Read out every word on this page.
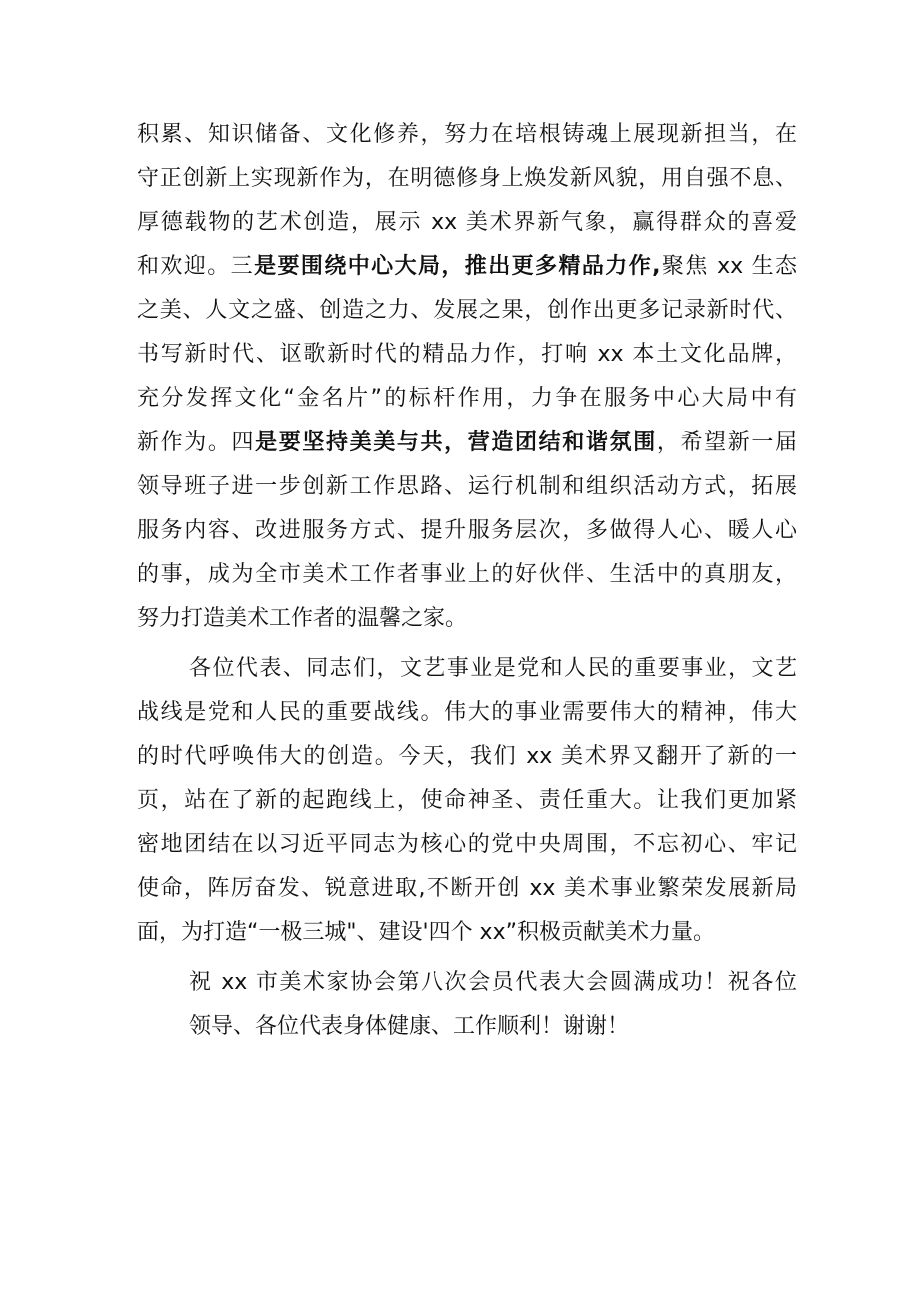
积累、知识储备、文化修养，努力在培根铸魂上展现新担当，在
守正创新上实现新作为，在明德修身上焕发新风貌，用自强不息、
厚德载物的艺术创造，展示 xx 美术界新气象，赢得群众的喜爱
和欢迎。三是要围绕中心大局，推出更多精品力作,聚焦 xx 生态
之美、人文之盛、创造之力、发展之果，创作出更多记录新时代、
书写新时代、讴歌新时代的精品力作，打响 xx 本土文化品牌，
充分发挥文化“金名片”的标杆作用，力争在服务中心大局中有
新作为。四是要坚持美美与共，营造团结和谐氛围，希望新一届
领导班子进一步创新工作思路、运行机制和组织活动方式，拓展
服务内容、改进服务方式、提升服务层次，多做得人心、暖人心
的事，成为全市美术工作者事业上的好伙伴、生活中的真朋友，
努力打造美术工作者的温馨之家。
各位代表、同志们，文艺事业是党和人民的重要事业，文艺
战线是党和人民的重要战线。伟大的事业需要伟大的精神，伟大
的时代呼唤伟大的创造。今天，我们 xx 美术界又翻开了新的一
页，站在了新的起跑线上，使命神圣、责任重大。让我们更加紧
密地团结在以习近平同志为核心的党中央周围，不忘初心、牢记
使命，阵厉奋发、锐意进取,不断开创 xx 美术事业繁荣发展新局
面，为打造“一极三城"、建设'四个 xx”积极贡献美术力量。
祝 xx 市美术家协会第八次会员代表大会圆满成功！祝各位
领导、各位代表身体健康、工作顺利！谢谢！
